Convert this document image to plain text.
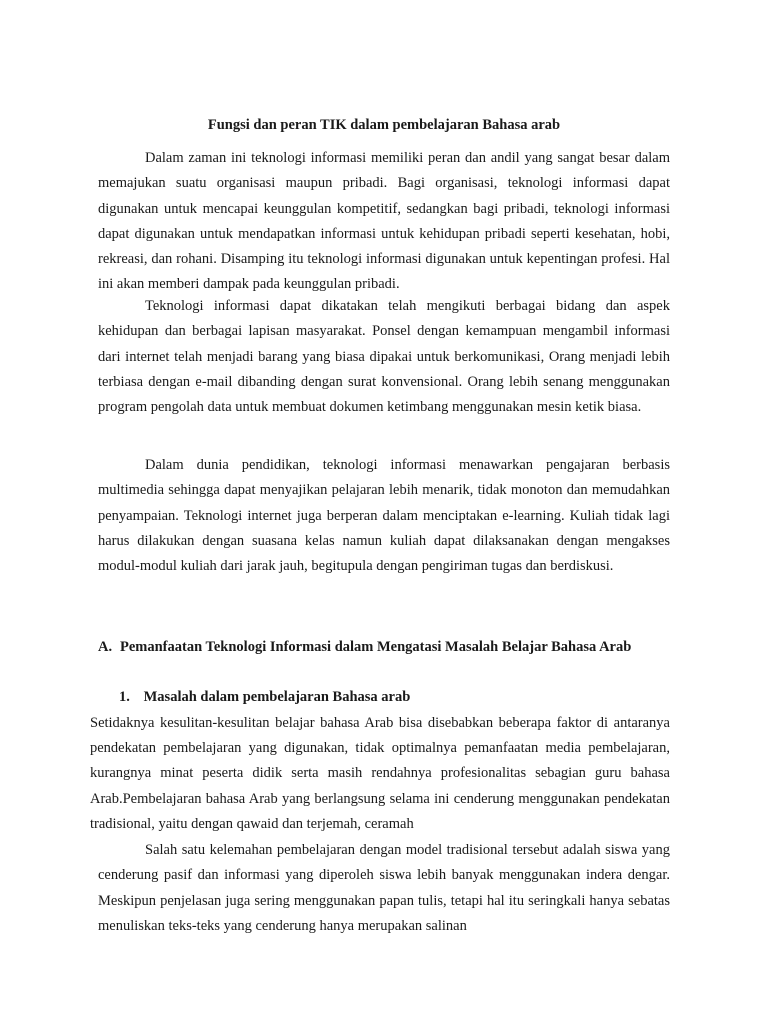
Fungsi dan peran TIK dalam pembelajaran Bahasa arab

Dalam zaman ini teknologi informasi memiliki peran dan andil yang sangat besar dalam memajukan suatu organisasi maupun pribadi. Bagi organisasi, teknologi informasi dapat digunakan untuk mencapai keunggulan kompetitif, sedangkan bagi pribadi, teknologi informasi dapat digunakan untuk mendapatkan informasi untuk kehidupan pribadi seperti kesehatan, hobi, rekreasi, dan rohani. Disamping itu teknologi informasi digunakan untuk kepentingan profesi. Hal ini akan memberi dampak pada keunggulan pribadi.

Teknologi informasi dapat dikatakan telah mengikuti berbagai bidang dan aspek kehidupan dan berbagai lapisan masyarakat. Ponsel dengan kemampuan mengambil informasi dari internet telah menjadi barang yang biasa dipakai untuk berkomunikasi, Orang menjadi lebih terbiasa dengan e-mail dibanding dengan surat konvensional. Orang lebih senang menggunakan program pengolah data untuk membuat dokumen ketimbang menggunakan mesin ketik biasa.

Dalam dunia pendidikan, teknologi informasi menawarkan pengajaran berbasis multimedia sehingga dapat menyajikan pelajaran lebih menarik, tidak monoton dan memudahkan penyampaian. Teknologi internet juga berperan dalam menciptakan e-learning. Kuliah tidak lagi harus dilakukan dengan suasana kelas namun kuliah dapat dilaksanakan dengan mengakses modul-modul kuliah dari jarak jauh, begitupula dengan pengiriman tugas dan berdiskusi.

A. Pemanfaatan Teknologi Informasi dalam Mengatasi Masalah Belajar Bahasa Arab
1. Masalah dalam pembelajaran Bahasa arab

Setidaknya kesulitan-kesulitan belajar bahasa Arab bisa disebabkan beberapa faktor di antaranya pendekatan pembelajaran yang digunakan, tidak optimalnya pemanfaatan media pembelajaran, kurangnya minat peserta didik serta masih rendahnya profesionalitas sebagian guru bahasa Arab.Pembelajaran bahasa Arab yang berlangsung selama ini cenderung menggunakan pendekatan tradisional, yaitu dengan qawaid dan terjemah, ceramah

Salah satu kelemahan pembelajaran dengan model tradisional tersebut adalah siswa yang cenderung pasif dan informasi yang diperoleh siswa lebih banyak menggunakan indera dengar. Meskipun penjelasan juga sering menggunakan papan tulis, tetapi hal itu seringkali hanya sebatas menuliskan teks-teks yang cenderung hanya merupakan salinan
